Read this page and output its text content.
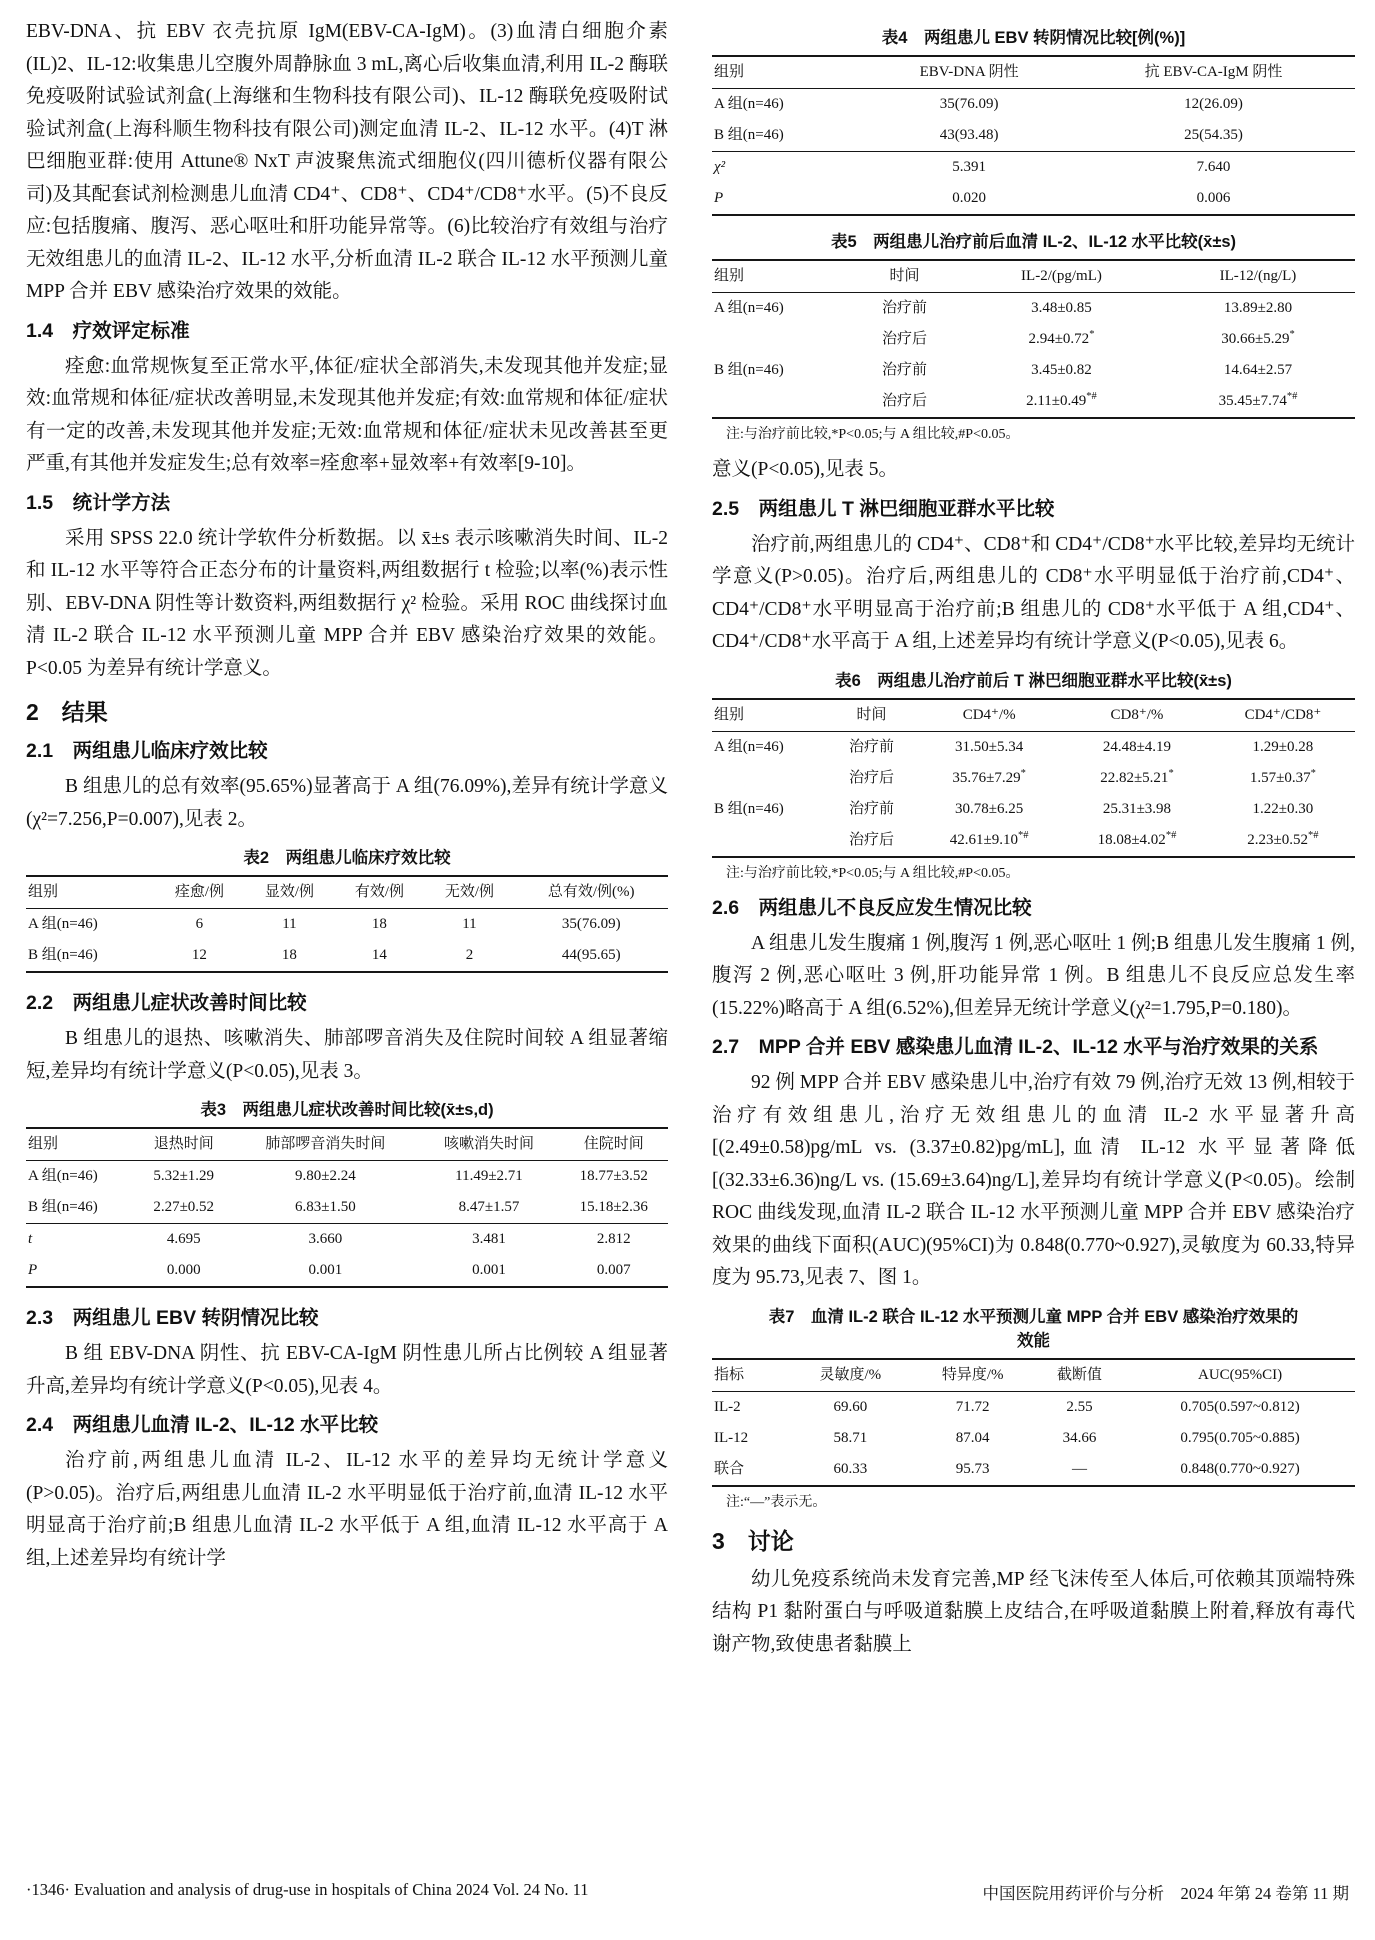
EBV-DNA、抗 EBV 衣壳抗原 IgM(EBV-CA-IgM)。(3)血清白细胞介素(IL)2、IL-12:收集患儿空腹外周静脉血 3 mL,离心后收集血清,利用 IL-2 酶联免疫吸附试验试剂盒(上海继和生物科技有限公司)、IL-12 酶联免疫吸附试验试剂盒(上海科顺生物科技有限公司)测定血清 IL-2、IL-12 水平。(4)T 淋巴细胞亚群:使用 Attune® NxT 声波聚焦流式细胞仪(四川德析仪器有限公司)及其配套试剂检测患儿血清 CD4⁺、CD8⁺、CD4⁺/CD8⁺水平。(5)不良反应:包括腹痛、腹泻、恶心呕吐和肝功能异常等。(6)比较治疗有效组与治疗无效组患儿的血清 IL-2、IL-12 水平,分析血清 IL-2 联合 IL-12 水平预测儿童 MPP 合并 EBV 感染治疗效果的效能。

1.4　疗效评定标准

痊愈:血常规恢复至正常水平,体征/症状全部消失,未发现其他并发症;显效:血常规和体征/症状改善明显,未发现其他并发症;有效:血常规和体征/症状有一定的改善,未发现其他并发症;无效:血常规和体征/症状未见改善甚至更严重,有其他并发症发生;总有效率=痊愈率+显效率+有效率[9-10]。

1.5　统计学方法

采用 SPSS 22.0 统计学软件分析数据。以 x̄±s 表示咳嗽消失时间、IL-2 和 IL-12 水平等符合正态分布的计量资料,两组数据行 t 检验;以率(%)表示性别、EBV-DNA 阴性等计数资料,两组数据行 χ² 检验。采用 ROC 曲线探讨血清 IL-2 联合 IL-12 水平预测儿童 MPP 合并 EBV 感染治疗效果的效能。P<0.05 为差异有统计学意义。

2　结果
2.1　两组患儿临床疗效比较

B 组患儿的总有效率(95.65%)显著高于 A 组(76.09%),差异有统计学意义(χ²=7.256,P=0.007),见表 2。

表2　两组患儿临床疗效比较
组别	痊愈/例	显效/例	有效/例	无效/例	总有效/例(%)
A 组(n=46)	6	11	18	11	35(76.09)
B 组(n=46)	12	18	14	2	44(95.65)
2.2　两组患儿症状改善时间比较

B 组患儿的退热、咳嗽消失、肺部啰音消失及住院时间较 A 组显著缩短,差异均有统计学意义(P<0.05),见表 3。

表3　两组患儿症状改善时间比较(x̄±s,d)
组别	退热时间	肺部啰音消失时间	咳嗽消失时间	住院时间
A 组(n=46)	5.32±1.29	9.80±2.24	11.49±2.71	18.77±3.52
B 组(n=46)	2.27±0.52	6.83±1.50	8.47±1.57	15.18±2.36
t	4.695	3.660	3.481	2.812
P	0.000	0.001	0.001	0.007
2.3　两组患儿 EBV 转阴情况比较

B 组 EBV-DNA 阴性、抗 EBV-CA-IgM 阴性患儿所占比例较 A 组显著升高,差异均有统计学意义(P<0.05),见表 4。

2.4　两组患儿血清 IL-2、IL-12 水平比较

治疗前,两组患儿血清 IL-2、IL-12 水平的差异均无统计学意义(P>0.05)。治疗后,两组患儿血清 IL-2 水平明显低于治疗前,血清 IL-12 水平明显高于治疗前;B 组患儿血清 IL-2 水平低于 A 组,血清 IL-12 水平高于 A 组,上述差异均有统计学

表4　两组患儿 EBV 转阴情况比较[例(%)]
组别	EBV-DNA 阴性	抗 EBV-CA-IgM 阴性
A 组(n=46)	35(76.09)	12(26.09)
B 组(n=46)	43(93.48)	25(54.35)
χ²	5.391	7.640
P	0.020	0.006
表5　两组患儿治疗前后血清 IL-2、IL-12 水平比较(x̄±s)
组别	时间	IL-2/(pg/mL)	IL-12/(ng/L)
A 组(n=46)	治疗前	3.48±0.85	13.89±2.80
	治疗后	2.94±0.72*	30.66±5.29*
B 组(n=46)	治疗前	3.45±0.82	14.64±2.57
	治疗后	2.11±0.49*#	35.45±7.74*#
注:与治疗前比较,*P<0.05;与 A 组比较,#P<0.05。

意义(P<0.05),见表 5。

2.5　两组患儿 T 淋巴细胞亚群水平比较

治疗前,两组患儿的 CD4⁺、CD8⁺和 CD4⁺/CD8⁺水平比较,差异均无统计学意义(P>0.05)。治疗后,两组患儿的 CD8⁺水平明显低于治疗前,CD4⁺、CD4⁺/CD8⁺水平明显高于治疗前;B 组患儿的 CD8⁺水平低于 A 组,CD4⁺、CD4⁺/CD8⁺水平高于 A 组,上述差异均有统计学意义(P<0.05),见表 6。

表6　两组患儿治疗前后 T 淋巴细胞亚群水平比较(x̄±s)
组别	时间	CD4⁺/%	CD8⁺/%	CD4⁺/CD8⁺
A 组(n=46)	治疗前	31.50±5.34	24.48±4.19	1.29±0.28
	治疗后	35.76±7.29*	22.82±5.21*	1.57±0.37*
B 组(n=46)	治疗前	30.78±6.25	25.31±3.98	1.22±0.30
	治疗后	42.61±9.10*#	18.08±4.02*#	2.23±0.52*#
注:与治疗前比较,*P<0.05;与 A 组比较,#P<0.05。
2.6　两组患儿不良反应发生情况比较

A 组患儿发生腹痛 1 例,腹泻 1 例,恶心呕吐 1 例;B 组患儿发生腹痛 1 例,腹泻 2 例,恶心呕吐 3 例,肝功能异常 1 例。B 组患儿不良反应总发生率(15.22%)略高于 A 组(6.52%),但差异无统计学意义(χ²=1.795,P=0.180)。

2.7　MPP 合并 EBV 感染患儿血清 IL-2、IL-12 水平与治疗效果的关系

92 例 MPP 合并 EBV 感染患儿中,治疗有效 79 例,治疗无效 13 例,相较于治疗有效组患儿,治疗无效组患儿的血清 IL-2 水平显著升高[(2.49±0.58)pg/mL vs. (3.37±0.82)pg/mL],血清 IL-12 水平显著降低[(32.33±6.36)ng/L vs. (15.69±3.64)ng/L],差异均有统计学意义(P<0.05)。绘制 ROC 曲线发现,血清 IL-2 联合 IL-12 水平预测儿童 MPP 合并 EBV 感染治疗效果的曲线下面积(AUC)(95%CI)为 0.848(0.770~0.927),灵敏度为 60.33,特异度为 95.73,见表 7、图 1。

表7　血清 IL-2 联合 IL-12 水平预测儿童 MPP 合并 EBV 感染治疗效果的效能
指标	灵敏度/%	特异度/%	截断值	AUC(95%CI)
IL-2	69.60	71.72	2.55	0.705(0.597~0.812)
IL-12	58.71	87.04	34.66	0.795(0.705~0.885)
联合	60.33	95.73	—	0.848(0.770~0.927)
注:“—”表示无。
3　讨论

幼儿免疫系统尚未发育完善,MP 经飞沫传至人体后,可依赖其顶端特殊结构 P1 黏附蛋白与呼吸道黏膜上皮结合,在呼吸道黏膜上附着,释放有毒代谢产物,致使患者黏膜上

·1346· Evaluation and analysis of drug-use in hospitals of China 2024 Vol. 24 No. 11	中国医院用药评价与分析　2024 年第 24 卷第 11 期
